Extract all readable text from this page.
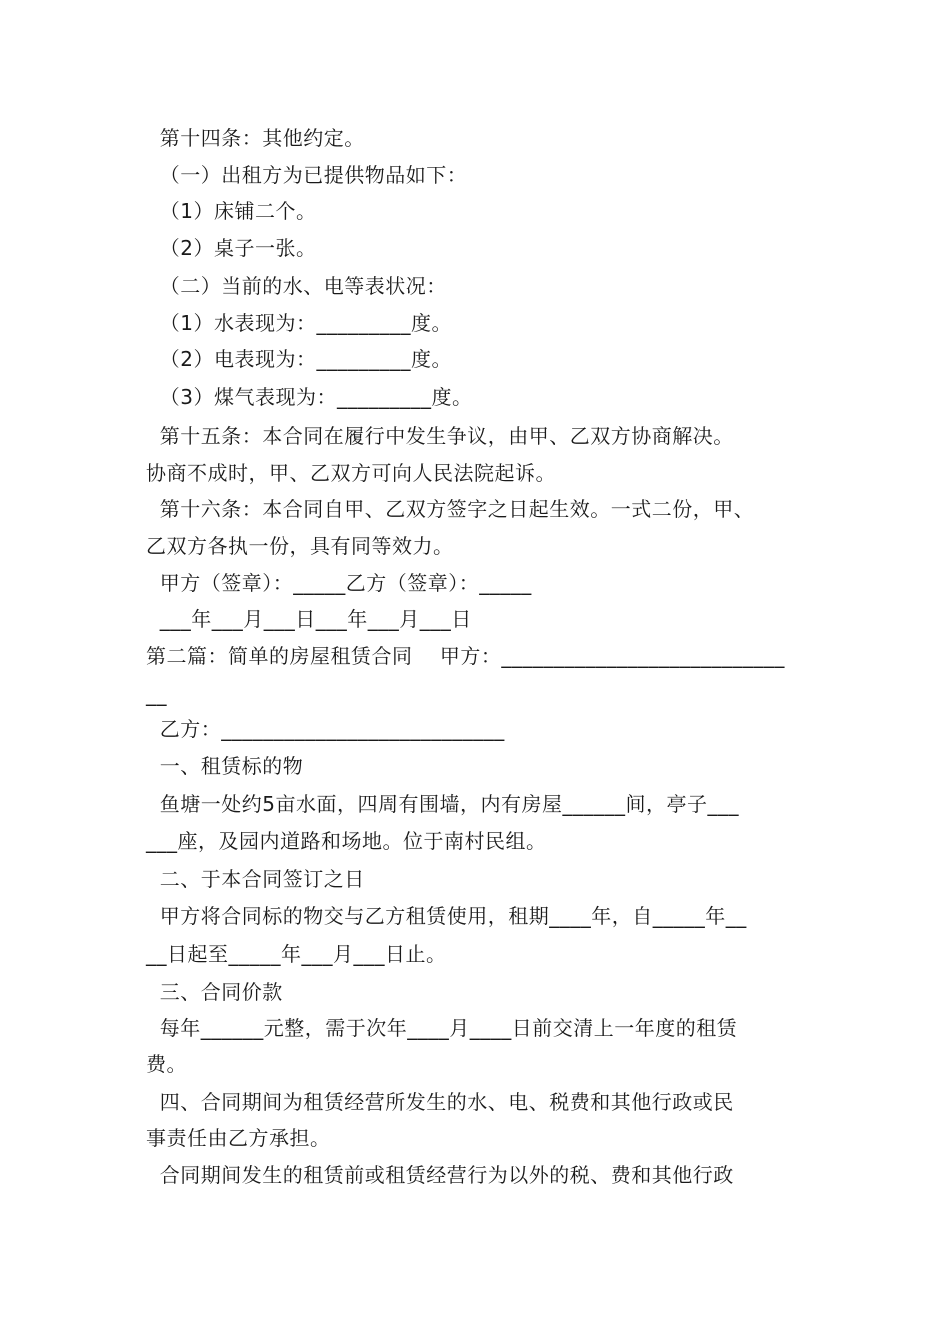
第十四条：其他约定。
（一）出租方为已提供物品如下：
（1）床铺二个。
（2）桌子一张。
（二）当前的水、电等表状况：
（1）水表现为：_________度。
（2）电表现为：_________度。
（3）煤气表现为：_________度。
第十五条：本合同在履行中发生争议，由甲、乙双方协商解决。
协商不成时，甲、乙双方可向人民法院起诉。
第十六条：本合同自甲、乙双方签字之日起生效。一式二份，甲、
乙双方各执一份，具有同等效力。
甲方（签章）：_____乙方（签章）：_____
___年___月___日___年___月___日
第二篇：简单的房屋租赁合同    甲方：___________________________
__
乙方：___________________________
一、租赁标的物
鱼塘一处约5亩水面，四周有围墙，内有房屋______间，亭子___
___座，及园内道路和场地。位于南村民组。
二、于本合同签订之日
甲方将合同标的物交与乙方租赁使用，租期____年，自_____年__
__日起至_____年___月___日止。
三、合同价款
每年______元整，需于次年____月____日前交清上一年度的租赁
费。
四、合同期间为租赁经营所发生的水、电、税费和其他行政或民
事责任由乙方承担。
合同期间发生的租赁前或租赁经营行为以外的税、费和其他行政
